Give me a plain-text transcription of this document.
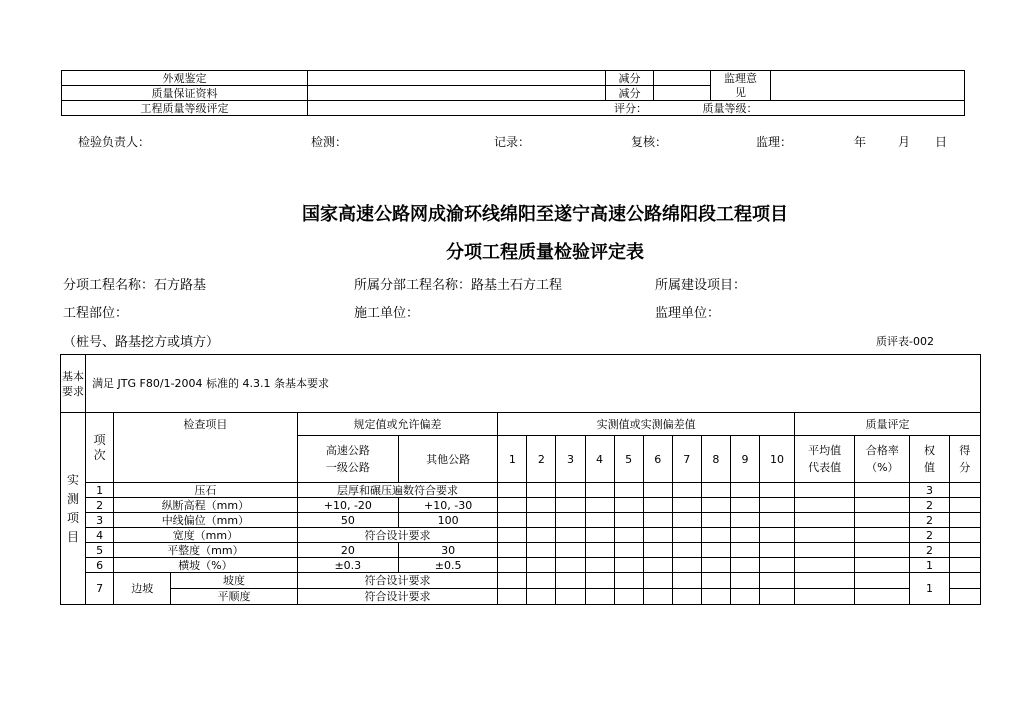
外观鉴定		减分		监理意
见	

质量保证资料		减分			
工程质量等级评定	评分： 质量等级：				
检验负责人：	检测：	记录：	复核：	监理：	年	月 日
国家高速公路网成渝环线绵阳至遂宁高速公路绵阳段工程项目
分项工程质量检验评定表
分项工程名称：石方路基	所属分部工程名称：路基土石方工程	所属建设项目：
工程部位：	施工单位：	监理单位：
（桩号、路基挖方或填方）	质评表-002
基本要求	满足 JTG F80/1-2004 标准的 4.3.1 条基本要求																		

实测项目	项次	检查项目		规定值或允许偏差		实测值或实测偏差值										质量评定			

				高速公路一级公路	其他公路	1	2	3	4	5	6	7	8	9	10	平均值代表值	合格率（%）	权值	得分

	1	压石		层厚和碾压遍数符合要求														3	
	2	纵断高程（mm）		+10, -20	+10, -30													2	
	3	中线偏位（mm）		50	100													2	
	4	宽度（mm）		符合设计要求														2	
	5	平整度（mm）		20	30													2	
	6	横坡（%）		±0.3	±0.5													1	
	7	边坡	坡度	符合设计要求														1	
			平顺度	符合设计要求															
